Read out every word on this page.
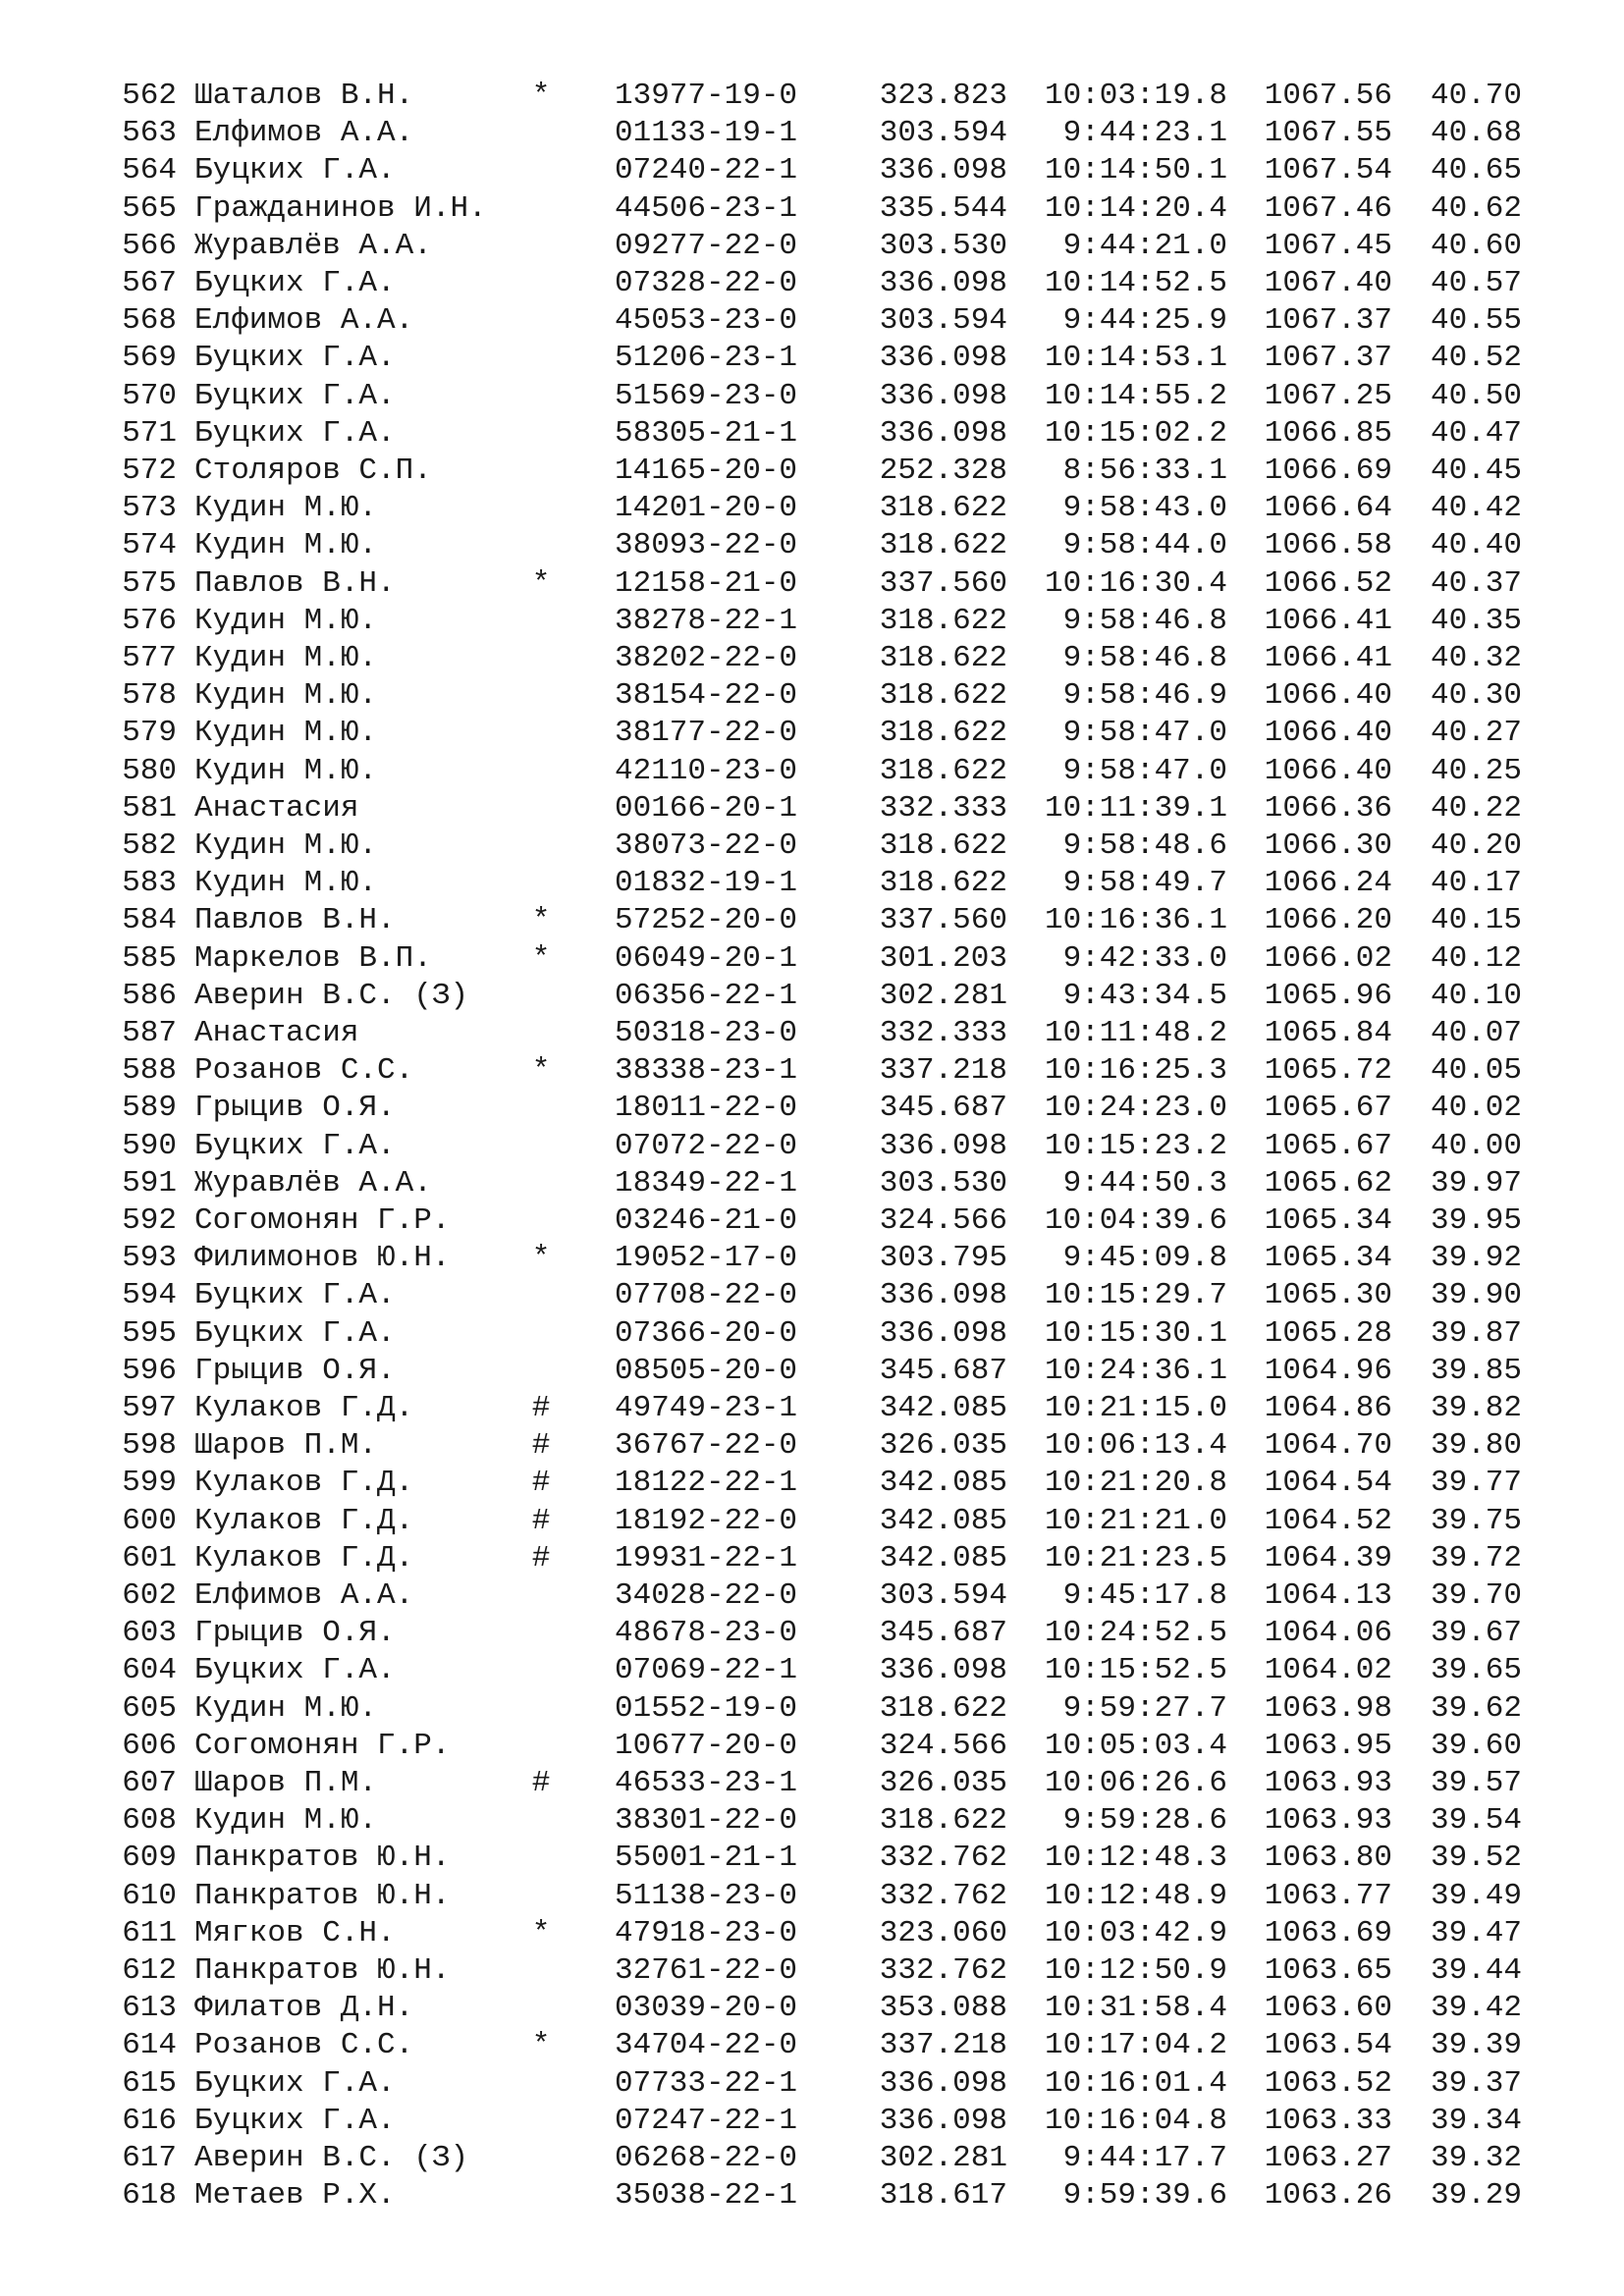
562 Шаталов В.Н.	* 13977-19-0	323.823	10:03:19.8	1067.56	40.70
563 Елфимов А.А.	01133-19-1	303.594	9:44:23.1	1067.55	40.68
564 Буцких Г.А.	07240-22-1	336.098	10:14:50.1	1067.54	40.65
565 Гражданинов И.Н.	44506-23-1	335.544	10:14:20.4	1067.46	40.62
566 Журавлёв А.А.	09277-22-0	303.530	9:44:21.0	1067.45	40.60
567 Буцких Г.А.	07328-22-0	336.098	10:14:52.5	1067.40	40.57
568 Елфимов А.А.	45053-23-0	303.594	9:44:25.9	1067.37	40.55
569 Буцких Г.А.	51206-23-1	336.098	10:14:53.1	1067.37	40.52
570 Буцких Г.А.	51569-23-0	336.098	10:14:55.2	1067.25	40.50
571 Буцких Г.А.	58305-21-1	336.098	10:15:02.2	1066.85	40.47
572 Столяров С.П.	14165-20-0	252.328	8:56:33.1	1066.69	40.45
573 Кудин М.Ю.	14201-20-0	318.622	9:58:43.0	1066.64	40.42
574 Кудин М.Ю.	38093-22-0	318.622	9:58:44.0	1066.58	40.40
575 Павлов В.Н.	* 12158-21-0	337.560	10:16:30.4	1066.52	40.37
576 Кудин М.Ю.	38278-22-1	318.622	9:58:46.8	1066.41	40.35
577 Кудин М.Ю.	38202-22-0	318.622	9:58:46.8	1066.41	40.32
578 Кудин М.Ю.	38154-22-0	318.622	9:58:46.9	1066.40	40.30
579 Кудин М.Ю.	38177-22-0	318.622	9:58:47.0	1066.40	40.27
580 Кудин М.Ю.	42110-23-0	318.622	9:58:47.0	1066.40	40.25
581 Анастасия	00166-20-1	332.333	10:11:39.1	1066.36	40.22
582 Кудин М.Ю.	38073-22-0	318.622	9:58:48.6	1066.30	40.20
583 Кудин М.Ю.	01832-19-1	318.622	9:58:49.7	1066.24	40.17
584 Павлов В.Н.	* 57252-20-0	337.560	10:16:36.1	1066.20	40.15
585 Маркелов В.П.	* 06049-20-1	301.203	9:42:33.0	1066.02	40.12
586 Аверин В.С. (З)	06356-22-1	302.281	9:43:34.5	1065.96	40.10
587 Анастасия	50318-23-0	332.333	10:11:48.2	1065.84	40.07
588 Розанов С.С.	* 38338-23-1	337.218	10:16:25.3	1065.72	40.05
589 Грыцив О.Я.	18011-22-0	345.687	10:24:23.0	1065.67	40.02
590 Буцких Г.А.	07072-22-0	336.098	10:15:23.2	1065.67	40.00
591 Журавлёв А.А.	18349-22-1	303.530	9:44:50.3	1065.62	39.97
592 Согомонян Г.Р.	03246-21-0	324.566	10:04:39.6	1065.34	39.95
593 Филимонов Ю.Н.	* 19052-17-0	303.795	9:45:09.8	1065.34	39.92
594 Буцких Г.А.	07708-22-0	336.098	10:15:29.7	1065.30	39.90
595 Буцких Г.А.	07366-20-0	336.098	10:15:30.1	1065.28	39.87
596 Грыцив О.Я.	08505-20-0	345.687	10:24:36.1	1064.96	39.85
597 Кулаков Г.Д.	# 49749-23-1	342.085	10:21:15.0	1064.86	39.82
598 Шаров П.М.	# 36767-22-0	326.035	10:06:13.4	1064.70	39.80
599 Кулаков Г.Д.	# 18122-22-1	342.085	10:21:20.8	1064.54	39.77
600 Кулаков Г.Д.	# 18192-22-0	342.085	10:21:21.0	1064.52	39.75
601 Кулаков Г.Д.	# 19931-22-1	342.085	10:21:23.5	1064.39	39.72
602 Елфимов А.А.	34028-22-0	303.594	9:45:17.8	1064.13	39.70
603 Грыцив О.Я.	48678-23-0	345.687	10:24:52.5	1064.06	39.67
604 Буцких Г.А.	07069-22-1	336.098	10:15:52.5	1064.02	39.65
605 Кудин М.Ю.	01552-19-0	318.622	9:59:27.7	1063.98	39.62
606 Согомонян Г.Р.	10677-20-0	324.566	10:05:03.4	1063.95	39.60
607 Шаров П.М.	# 46533-23-1	326.035	10:06:26.6	1063.93	39.57
608 Кудин М.Ю.	38301-22-0	318.622	9:59:28.6	1063.93	39.54
609 Панкратов Ю.Н.	55001-21-1	332.762	10:12:48.3	1063.80	39.52
610 Панкратов Ю.Н.	51138-23-0	332.762	10:12:48.9	1063.77	39.49
611 Мягков С.Н.	* 47918-23-0	323.060	10:03:42.9	1063.69	39.47
612 Панкратов Ю.Н.	32761-22-0	332.762	10:12:50.9	1063.65	39.44
613 Филатов Д.Н.	03039-20-0	353.088	10:31:58.4	1063.60	39.42
614 Розанов С.С.	* 34704-22-0	337.218	10:17:04.2	1063.54	39.39
615 Буцких Г.А.	07733-22-1	336.098	10:16:01.4	1063.52	39.37
616 Буцких Г.А.	07247-22-1	336.098	10:16:04.8	1063.33	39.34
617 Аверин В.С. (З)	06268-22-0	302.281	9:44:17.7	1063.27	39.32
618 Метаев Р.Х.	35038-22-1	318.617	9:59:39.6	1063.26	39.29
